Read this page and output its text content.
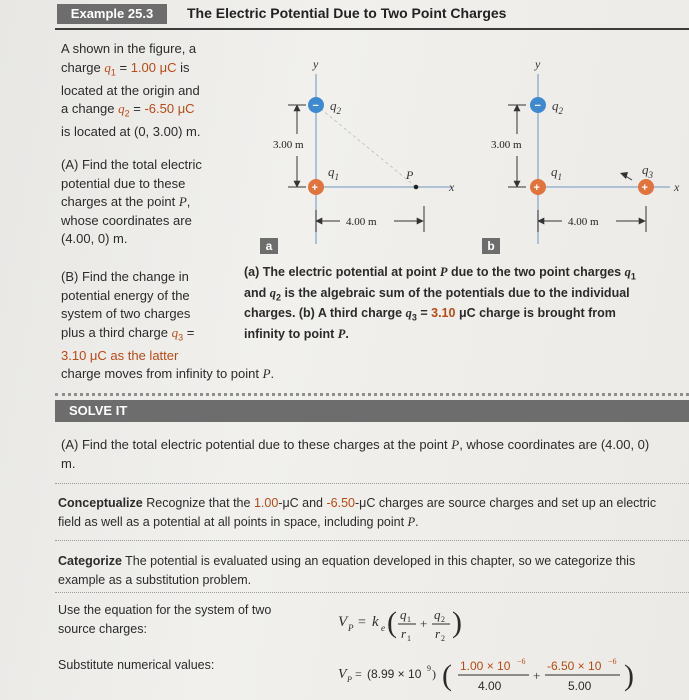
Example 25.3	The Electric Potential Due to Two Point Charges
A shown in the figure, a
charge $q_1 = 1.00$ μC is
located at the origin and
a change $q_2 = -6.50$ μC
is located at (0, 3.00) m.
(A) Find the total electric
potential due to these
charges at the point P,
whose coordinates are
(4.00, 0) m.
(B) Find the change in
potential energy of the
system of two charges
plus a third charge $q_3$ =
3.10 μC as the latter
charge moves from infinity to point P.
y
x
3.00 m
− $q_2$
+
$q_1$	P
4.00 m
y
x
3.00 m
− $q_2$
+
$q_1$
+
$q_3$
4.00 m
a	b
(a) The electric potential at point P due to the two point charges $q_1$
and $q_2$ is the algebraic sum of the potentials due to the individual
charges. (b) A third charge $q_3 = 3.10$ μC charge is brought from
infinity to point P.
SOLVE IT
(A) Find the total electric potential due to these charges at the point P, whose coordinates are (4.00, 0)
m.
Conceptualize Recognize that the 1.00-μC and -6.50-μC charges are source charges and set up an electric
field as well as a potential at all points in space, including point P.
Categorize The potential is evaluated using an equation developed in this chapter, so we categorize this
example as a substitution problem.
Use the equation for the system of two
source charges:	V P = k e ( q 1
r 1
+
q 2
r 2 )
Substitute numerical values:
V P = (8.99 × 10 9 ) ( 1.00 × 10 −6
4.00
+
-6.50 × 10 −6
5.00 )
